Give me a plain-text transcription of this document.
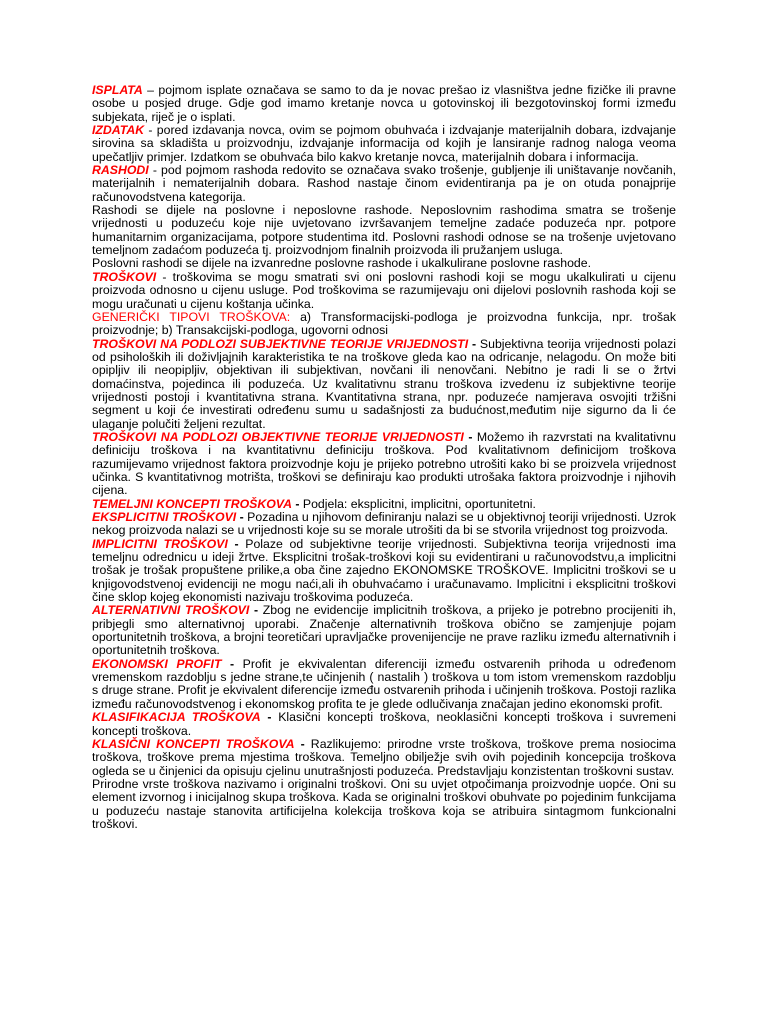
ISPLATA – pojmom isplate označava se samo to da je novac prešao iz vlasništva jedne fizičke ili pravne osobe u posjed druge. Gdje god imamo kretanje novca u gotovinskoj ili bezgotovinskoj formi između subjekata, riječ je o isplati.

IZDATAK - pored izdavanja novca, ovim se pojmom obuhvaća i izdvajanje materijalnih dobara, izdvajanje sirovina sa skladišta u proizvodnju, izdvajanje informacija od kojih je lansiranje radnog naloga veoma upečatljiv primjer. Izdatkom se obuhvaća bilo kakvo kretanje novca, materijalnih dobara i informacija.

RASHODI - pod pojmom rashoda redovito se označava svako trošenje, gubljenje ili uništavanje novčanih, materijalnih i nematerijalnih dobara. Rashod nastaje činom evidentiranja pa je on otuda ponajprije računovodstvena kategorija.

Rashodi se dijele na poslovne i neposlovne rashode. Neposlovnim rashodima smatra se trošenje vrijednosti u poduzeću koje nije uvjetovano izvršavanjem temeljne zadaće poduzeća npr. potpore humanitarnim organizacijama, potpore studentima itd. Poslovni rashodi odnose se na trošenje uvjetovano temeljnom zadaćom poduzeća tj. proizvodnjom finalnih proizvoda ili pružanjem usluga.

Poslovni rashodi se dijele na izvanredne poslovne rashode i ukalkulirane poslovne rashode.

TROŠKOVI - troškovima se mogu smatrati svi oni poslovni rashodi koji se mogu ukalkulirati u cijenu proizvoda odnosno u cijenu usluge. Pod troškovima se razumijevaju oni dijelovi poslovnih rashoda koji se mogu uračunati u cijenu koštanja učinka.

GENERIČKI TIPOVI TROŠKOVA: a) Transformacijski-podloga je proizvodna funkcija, npr. trošak proizvodnje; b) Transakcijski-podloga, ugovorni odnosi

TROŠKOVI NA PODLOZI SUBJEKTIVNE TEORIJE VRIJEDNOSTI - Subjektivna teorija vrijednosti polazi od psiholoških ili doživljajnih karakteristika te na troškove gleda kao na odricanje, nelagodu. On može biti opipljiv ili neopipljiv, objektivan ili subjektivan, novčani ili nenovčani. Nebitno je radi li se o žrtvi domaćinstva, pojedinca ili poduzeća. Uz kvalitativnu stranu troškova izvedenu iz subjektivne teorije vrijednosti postoji i kvantitativna strana. Kvantitativna strana, npr. poduzeće namjerava osvojiti tržišni segment u koji će investirati određenu sumu u sadašnjosti za budućnost,međutim nije sigurno da li će ulaganje polučiti željeni rezultat.

TROŠKOVI NA PODLOZI OBJEKTIVNE TEORIJE VRIJEDNOSTI - Možemo ih razvrstati na kvalitativnu definiciju troškova i na kvantitativnu definiciju troškova. Pod kvalitativnom definicijom troškova razumijevamo vrijednost faktora proizvodnje koju je prijeko potrebno utrošiti kako bi se proizvela vrijednost učinka. S kvantitativnog motrišta, troškovi se definiraju kao produkti utrošaka faktora proizvodnje i njihovih cijena.

TEMELJNI KONCEPTI TROŠKOVA - Podjela: eksplicitni, implicitni, oportunitetni.

EKSPLICITNI TROŠKOVI - Pozadina u njihovom definiranju nalazi se u objektivnoj teoriji vrijednosti. Uzrok nekog proizvoda nalazi se u vrijednosti koje su se morale utrošiti da bi se stvorila vrijednost tog proizvoda.

IMPLICITNI TROŠKOVI - Polaze od subjektivne teorije vrijednosti. Subjektivna teorija vrijednosti ima temeljnu odrednicu u ideji žrtve. Eksplicitni trošak-troškovi koji su evidentirani u računovodstvu,a implicitni trošak je trošak propuštene prilike,a oba čine zajedno EKONOMSKE TROŠKOVE. Implicitni troškovi se u knjigovodstvenoj evidenciji ne mogu naći,ali ih obuhvaćamo i uračunavamo. Implicitni i eksplicitni troškovi čine sklop kojeg ekonomisti nazivaju troškovima poduzeća.

ALTERNATIVNI TROŠKOVI - Zbog ne evidencije implicitnih troškova, a prijeko je potrebno procijeniti ih, pribjegli smo alternativnoj uporabi. Značenje alternativnih troškova obično se zamjenjuje pojam oportunitetnih troškova, a brojni teoretičari upravljačke provenijencije ne prave razliku između alternativnih i oportunitetnih troškova.

EKONOMSKI PROFIT - Profit je ekvivalentan diferenciji između ostvarenih prihoda u određenom vremenskom razdoblju s jedne strane,te učinjenih ( nastalih ) troškova u tom istom vremenskom razdoblju s druge strane. Profit je ekvivalent diferencije između ostvarenih prihoda i učinjenih troškova. Postoji razlika između računovodstvenog i ekonomskog profita te je glede odlučivanja značajan jedino ekonomski profit.

KLASIFIKACIJA TROŠKOVA - Klasični koncepti troškova, neoklasični koncepti troškova i suvremeni koncepti troškova.

KLASIČNI KONCEPTI TROŠKOVA - Razlikujemo: prirodne vrste troškova, troškove prema nosiocima troškova, troškove prema mjestima troškova. Temeljno obilježje svih ovih pojedinih koncepcija troškova ogleda se u činjenici da opisuju cjelinu unutrašnjosti poduzeća. Predstavljaju konzistentan troškovni sustav.

Prirodne vrste troškova nazivamo i originalni troškovi. Oni su uvjet otpočimanja proizvodnje uopće. Oni su element izvornog i inicijalnog skupa troškova. Kada se originalni troškovi obuhvate po pojedinim funkcijama u poduzeću nastaje stanovita artificijelna kolekcija troškova koja se atribuira sintagmom funkcionalni troškovi.
